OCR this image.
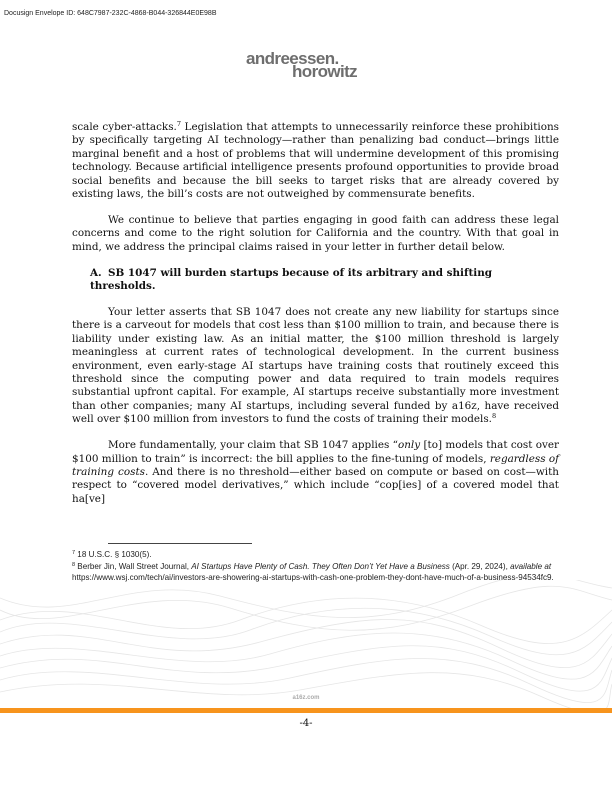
Docusign Envelope ID: 648C7987-232C-4868-B044-326844E0E98B
andreessen.
horowitz

scale cyber-attacks.$^7$ Legislation that attempts to unnecessarily reinforce these prohibitions by specifically targeting AI technology—rather than penalizing bad conduct—brings little marginal benefit and a host of problems that will undermine development of this promising technology. Because artificial intelligence presents profound opportunities to provide broad social benefits and because the bill seeks to target risks that are already covered by existing laws, the bill’s costs are not outweighed by commensurate benefits.

We continue to believe that parties engaging in good faith can address these legal concerns and come to the right solution for California and the country. With that goal in mind, we address the principal claims raised in your letter in further detail below.

A. SB 1047 will burden startups because of its arbitrary and shifting thresholds.

Your letter asserts that SB 1047 does not create any new liability for startups since there is a carveout for models that cost less than $100 million to train, and because there is liability under existing law. As an initial matter, the $100 million threshold is largely meaningless at current rates of technological development. In the current business environment, even early-stage AI startups have training costs that routinely exceed this threshold since the computing power and data required to train models requires substantial upfront capital. For example, AI startups receive substantially more investment than other companies; many AI startups, including several funded by a16z, have received well over $100 million from investors to fund the costs of training their models.$^8$

More fundamentally, your claim that SB 1047 applies “only [to] models that cost over $100 million to train” is incorrect: the bill applies to the fine-tuning of models, regardless of training costs. And there is no threshold—either based on compute or based on cost—with respect to “covered model derivatives,” which include “cop[ies] of a covered model that ha[ve]

$^7$ 18 U.S.C. § 1030(5).
$^8$ Berber Jin, Wall Street Journal, AI Startups Have Plenty of Cash. They Often Don’t Yet Have a Business (Apr. 29, 2024), available at https://www.wsj.com/tech/ai/investors-are-showering-ai-startups-with-cash-one-problem-they-dont-have-much-of-a-business-94534fc9.
a16z.com
-4-
